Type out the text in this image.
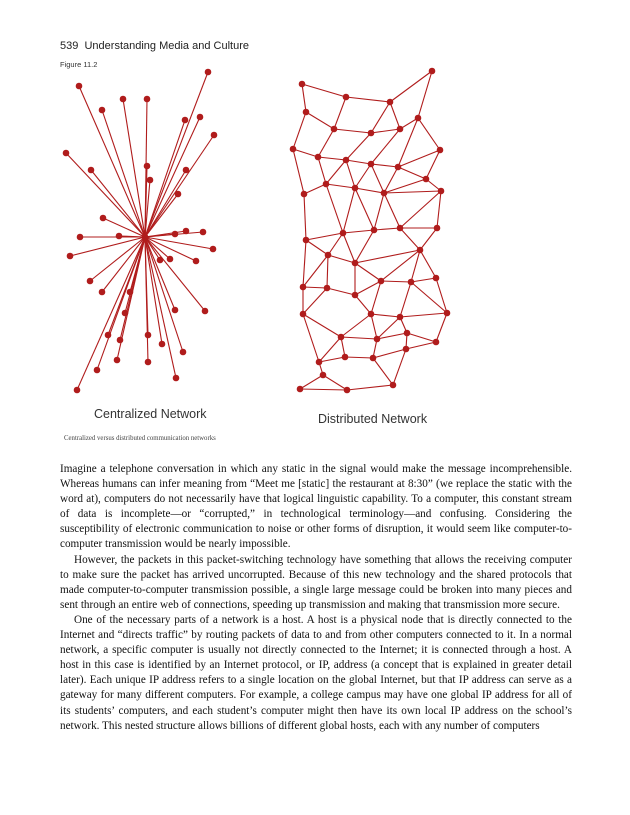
539 Understanding Media and Culture
Figure 11.2
Centralized Network	Distributed Network
Centralized versus distributed communication networks

Imagine a telephone conversation in which any static in the signal would make the message incomprehensible. Whereas humans can infer meaning from “Meet me [static] the restaurant at 8:30” (we replace the static with the word at), computers do not necessarily have that logical linguistic capability. To a computer, this constant stream of data is incomplete—or “corrupted,” in technological terminology—and confusing. Considering the susceptibility of electronic communication to noise or other forms of disruption, it would seem like computer-to-computer transmission would be nearly impossible.

However, the packets in this packet-switching technology have something that allows the receiving computer to make sure the packet has arrived uncorrupted. Because of this new technology and the shared protocols that made computer-to-computer transmission possible, a single large message could be broken into many pieces and sent through an entire web of connections, speeding up transmission and making that transmission more secure.

One of the necessary parts of a network is a host. A host is a physical node that is directly connected to the Internet and “directs traffic” by routing packets of data to and from other computers connected to it. In a normal network, a specific computer is usually not directly connected to the Internet; it is connected through a host. A host in this case is identified by an Internet protocol, or IP, address (a concept that is explained in greater detail later). Each unique IP address refers to a single location on the global Internet, but that IP address can serve as a gateway for many different computers. For example, a college campus may have one global IP address for all of its students’ computers, and each student’s computer might then have its own local IP address on the school’s network. This nested structure allows billions of different global hosts, each with any number of computers
